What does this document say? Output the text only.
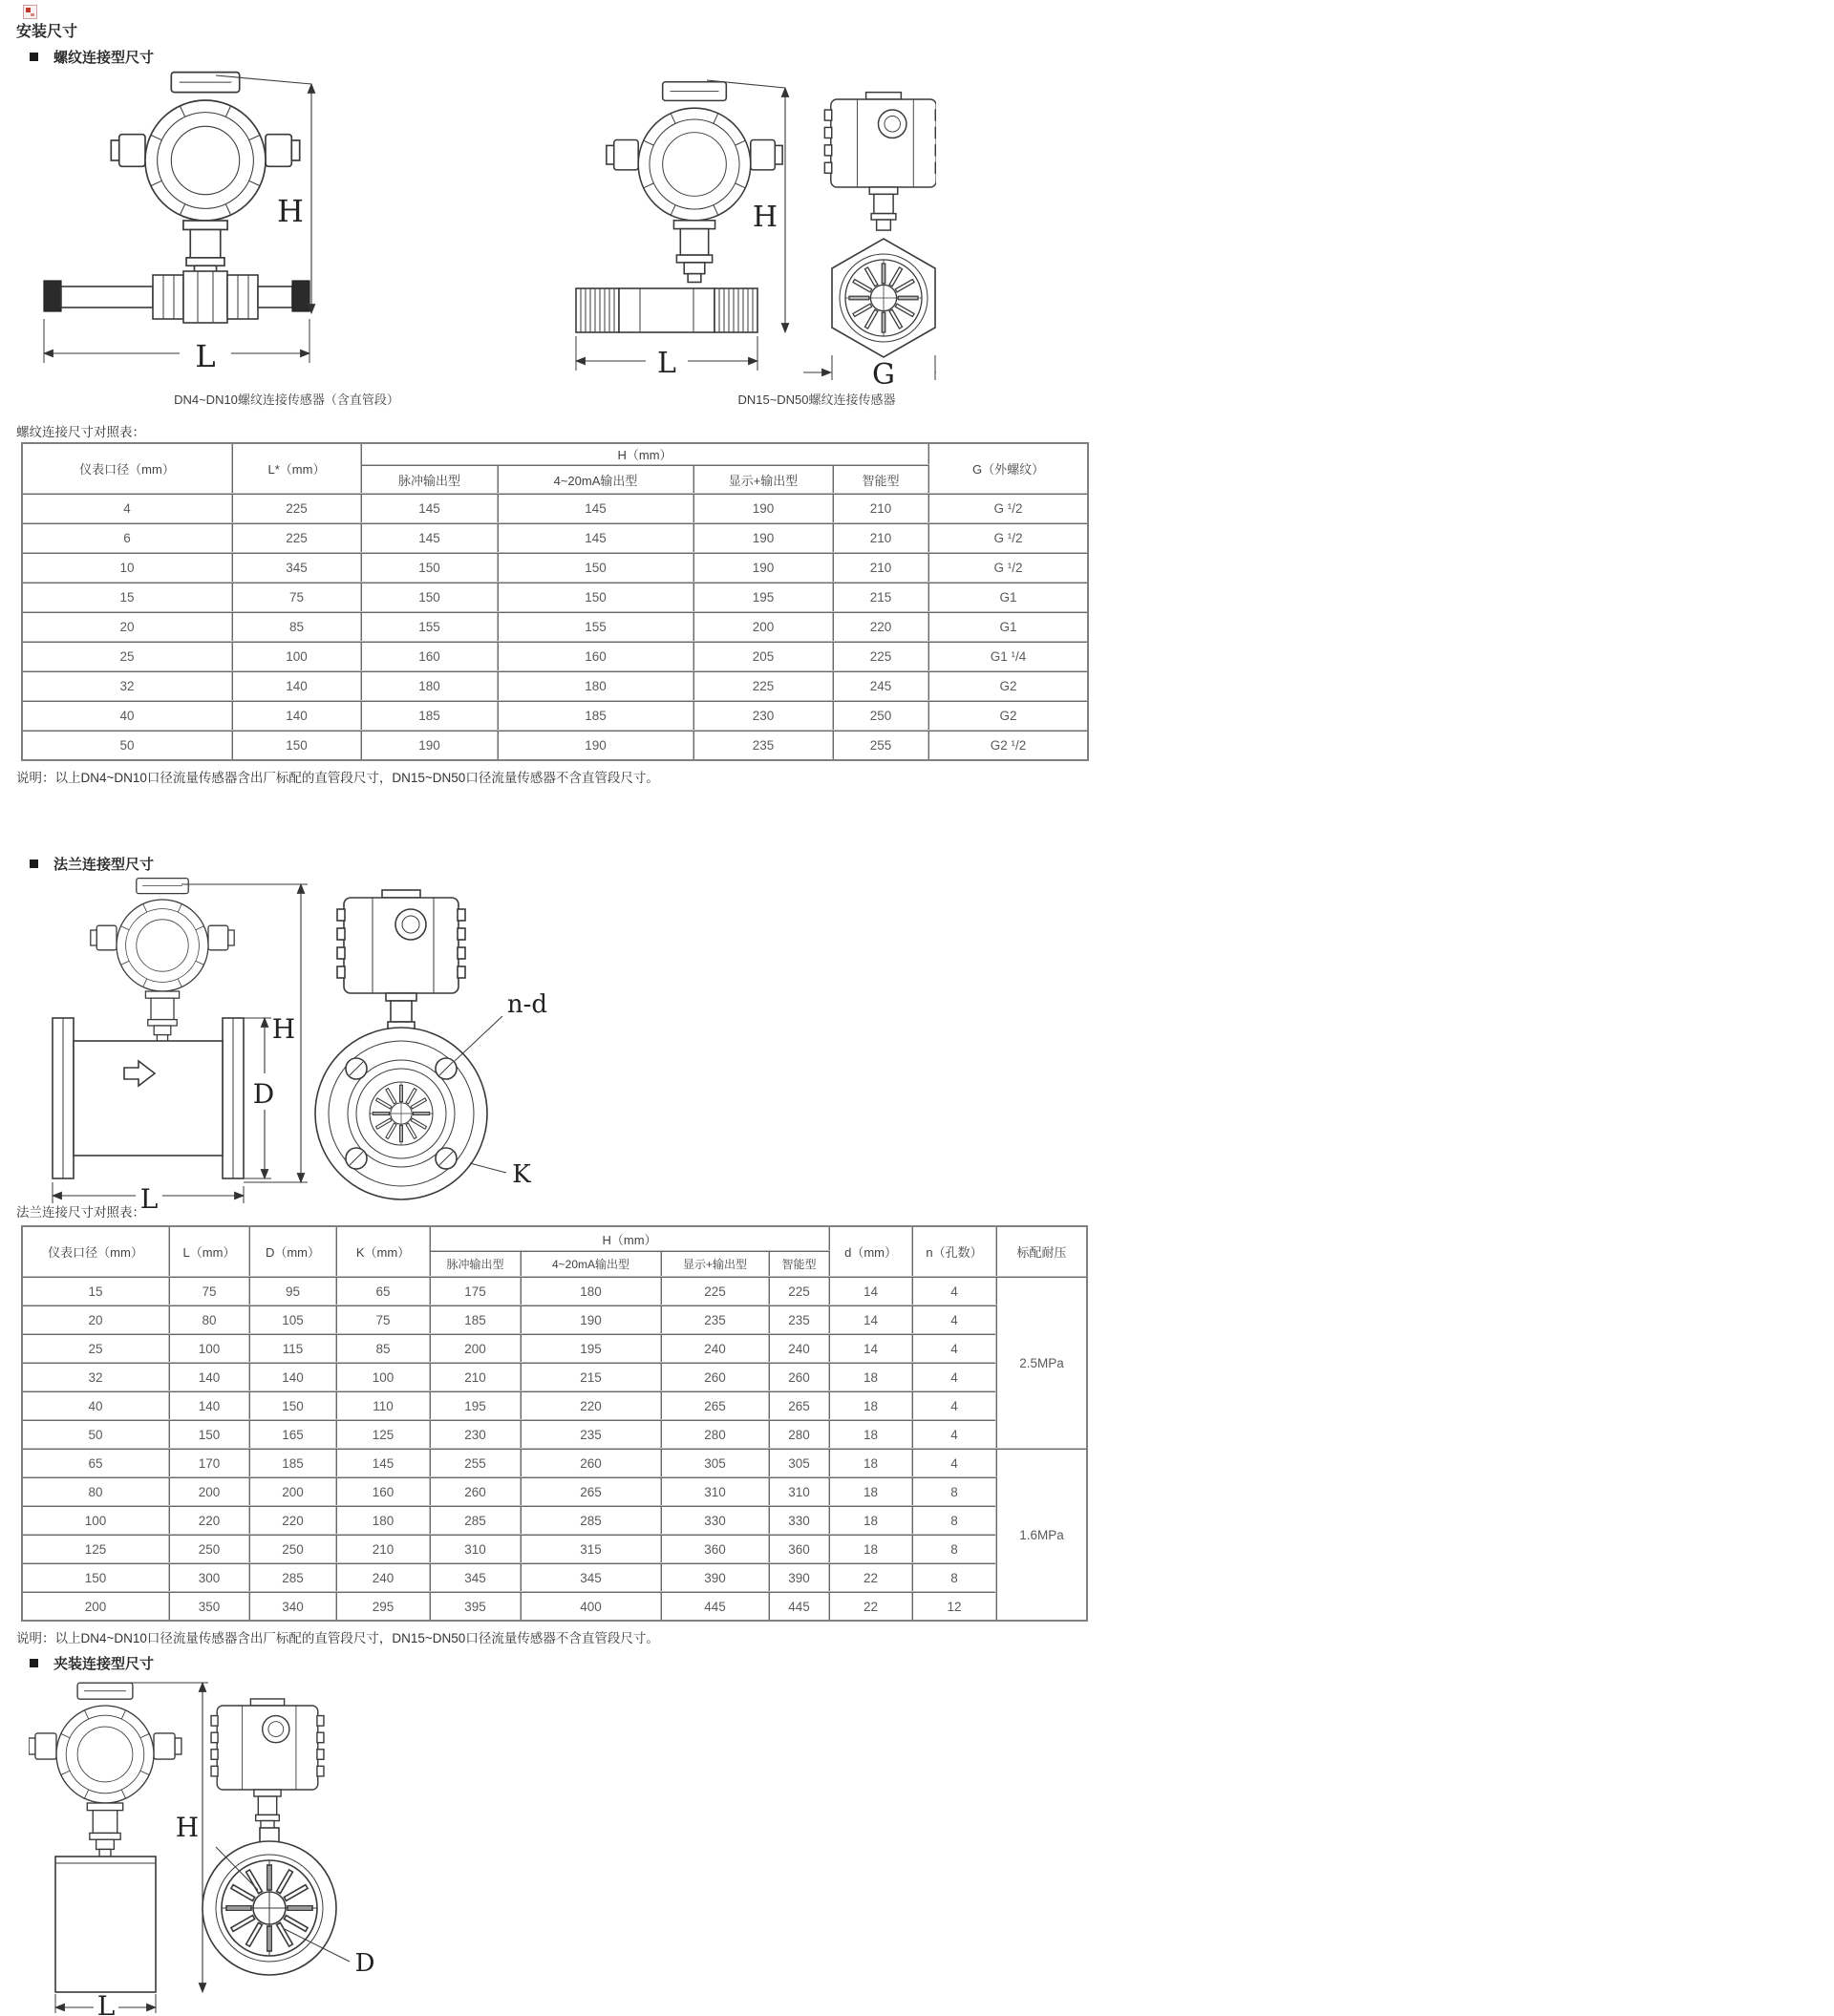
安装尺寸
螺纹连接型尺寸
H
L
H
L	G
DN4~DN10螺纹连接传感器（含直管段）	DN15~DN50螺纹连接传感器
螺纹连接尺寸对照表：
仪表口径（mm）	L*（mm）	H（mm）				G（外螺纹）
		脉冲输出型	4~20mA输出型	显示+输出型	智能型	
4	225	145	145	190	210	G ¹/2
6	225	145	145	190	210	G ¹/2
10	345	150	150	190	210	G ¹/2
15	75	150	150	195	215	G1
20	85	155	155	200	220	G1
25	100	160	160	205	225	G1 ¹/4
32	140	180	180	225	245	G2
40	140	185	185	230	250	G2
50	150	190	190	235	255	G2 ¹/2
说明：以上DN4~DN10口径流量传感器含出厂标配的直管段尺寸，DN15~DN50口径流量传感器不含直管段尺寸。
法兰连接型尺寸
H
D
L
n-d
K
法兰连接尺寸对照表：
仪表口径（mm）	L（mm）	D（mm）	K（mm）	H（mm）				d（mm）	n（孔数）	标配耐压
				脉冲输出型	4~20mA输出型	显示+输出型	智能型			
15	75	95	65	175	180	225	225	14	4	2.5MPa
20	80	105	75	185	190	235	235	14	4	
25	100	115	85	200	195	240	240	14	4	
32	140	140	100	210	215	260	260	18	4	
40	140	150	110	195	220	265	265	18	4	
50	150	165	125	230	235	280	280	18	4	
65	170	185	145	255	260	305	305	18	4	1.6MPa
80	200	200	160	260	265	310	310	18	8	
100	220	220	180	285	285	330	330	18	8	
125	250	250	210	310	315	360	360	18	8	
150	300	285	240	345	345	390	390	22	8	
200	350	340	295	395	400	445	445	22	12	
说明：以上DN4~DN10口径流量传感器含出厂标配的直管段尺寸，DN15~DN50口径流量传感器不含直管段尺寸。
夹装连接型尺寸
H
L
D
